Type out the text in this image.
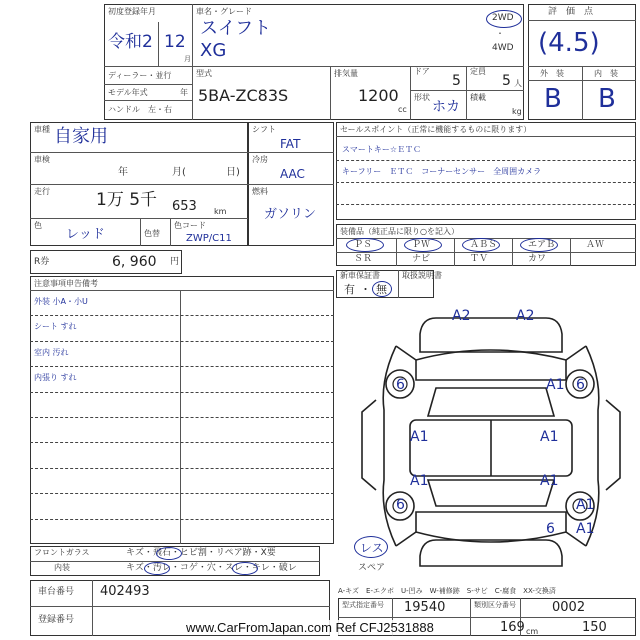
初度登録年月
令和2 12
月
車名・グレード
スイフト
XG
2WD
・
4WD
ディーラー・並行
モデル年式	年
ハンドル　左・右
型式
5BA-ZC83S
排気量
1200
cc
ドア
5
定員
5 人
形状
ホカ
積載
kg
評　価　点
(4.5)
外　装	内　装
B B
車種 自家用
車検
年	月(	日)
走行	1万 5千 653 km
色
レッド	色替
色コード
ZWP/C11
シフト
FAT
冷房
AAC
燃料
ガソリン
R券	6, 960 円
セールスポイント（正常に機能するものに限ります）
スマートキー☆ＥＴＣ
キーフリー　ＥＴＣ　コーナーセンサー　全周囲カメラ
装備品（純正品に限り○を記入）
ＰＳ	ＰＷ	ＡＢＳ	エアＢ	ＡＷ
ＳＲ	ナビ	ＴＶ	カワ
新車保証書	取扱説明書
有 ・ 無
注意事項申告備考
外装 小A・小U
シート すれ
室内 汚れ
内張り すれ
フロントガラス	キズ・飛石・ヒビ割・リペア跡・X要
内装	キズ・汚レ・コゲ・穴・スレ・キレ・破レ
車台番号 402493
登録番号
A2	A2
6	A1 6
A1	A1
A1
A1
6	A1
6 A1
レス
スペア
A-キズ　E-エクボ　U-凹み　W-補修跡　S-サビ　C-腐食　XX-交換済
型式指定番号 19540	類別区分番号	0002
169 cm	150
www.CarFromJapan.com Ref CFJ2531888
